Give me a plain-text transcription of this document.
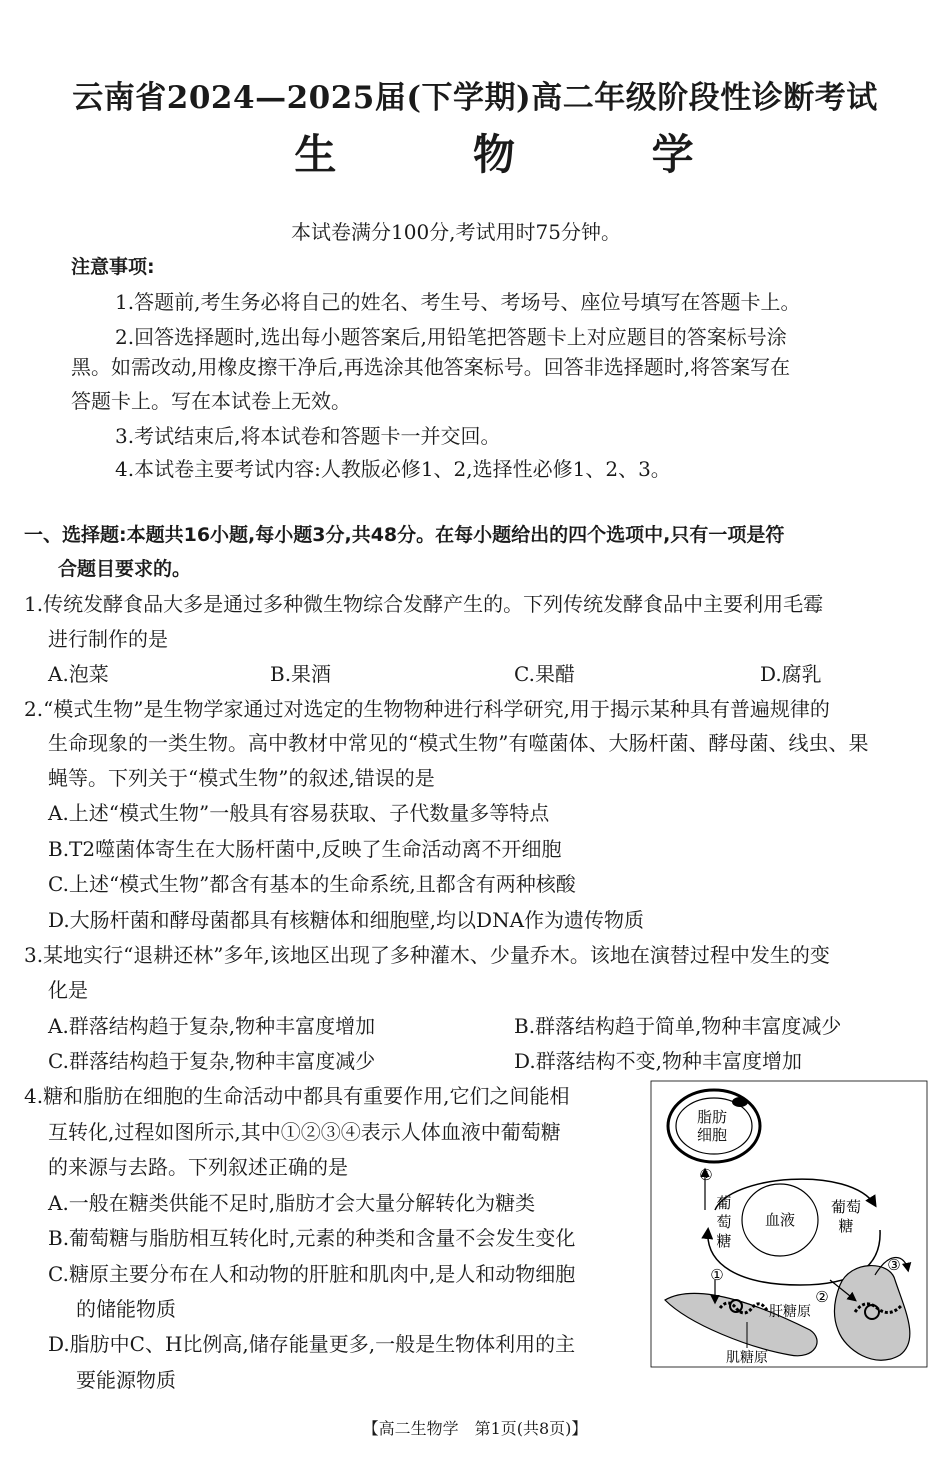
云南省2024—2025届(下学期)高二年级阶段性诊断考试
生 物 学
本试卷满分100分,考试用时75分钟。
注意事项:
1.答题前,考生务必将自己的姓名、考生号、考场号、座位号填写在答题卡上。
2.回答选择题时,选出每小题答案后,用铅笔把答题卡上对应题目的答案标号涂
黑。如需改动,用橡皮擦干净后,再选涂其他答案标号。回答非选择题时,将答案写在
答题卡上。写在本试卷上无效。
3.考试结束后,将本试卷和答题卡一并交回。
4.本试卷主要考试内容:人教版必修1、2,选择性必修1、2、3。
一、选择题:本题共16小题,每小题3分,共48分。在每小题给出的四个选项中,只有一项是符
合题目要求的。
1.传统发酵食品大多是通过多种微生物综合发酵产生的。下列传统发酵食品中主要利用毛霉
进行制作的是
A.泡菜	B.果酒	C.果醋	D.腐乳
2.“模式生物”是生物学家通过对选定的生物物种进行科学研究,用于揭示某种具有普遍规律的
生命现象的一类生物。高中教材中常见的“模式生物”有噬菌体、大肠杆菌、酵母菌、线虫、果
蝇等。下列关于“模式生物”的叙述,错误的是
A.上述“模式生物”一般具有容易获取、子代数量多等特点
B.T2噬菌体寄生在大肠杆菌中,反映了生命活动离不开细胞
C.上述“模式生物”都含有基本的生命系统,且都含有两种核酸
D.大肠杆菌和酵母菌都具有核糖体和细胞壁,均以DNA作为遗传物质
3.某地实行“退耕还林”多年,该地区出现了多种灌木、少量乔木。该地在演替过程中发生的变
化是
A.群落结构趋于复杂,物种丰富度增加	B.群落结构趋于简单,物种丰富度减少
C.群落结构趋于复杂,物种丰富度减少	D.群落结构不变,物种丰富度增加
4.糖和脂肪在细胞的生命活动中都具有重要作用,它们之间能相
互转化,过程如图所示,其中①②③④表示人体血液中葡萄糖
的来源与去路。下列叙述正确的是
A.一般在糖类供能不足时,脂肪才会大量分解转化为糖类
B.葡萄糖与脂肪相互转化时,元素的种类和含量不会发生变化
C.糖原主要分布在人和动物的肝脏和肌肉中,是人和动物细胞
的储能物质
D.脂肪中C、H比例高,储存能量更多,一般是生物体利用的主
要能源物质
脂肪
细胞
血液
葡
萄
糖
葡萄
糖
④
肌糖原
①
肝糖原
②
③
【高二生物学　第1页(共8页)】
